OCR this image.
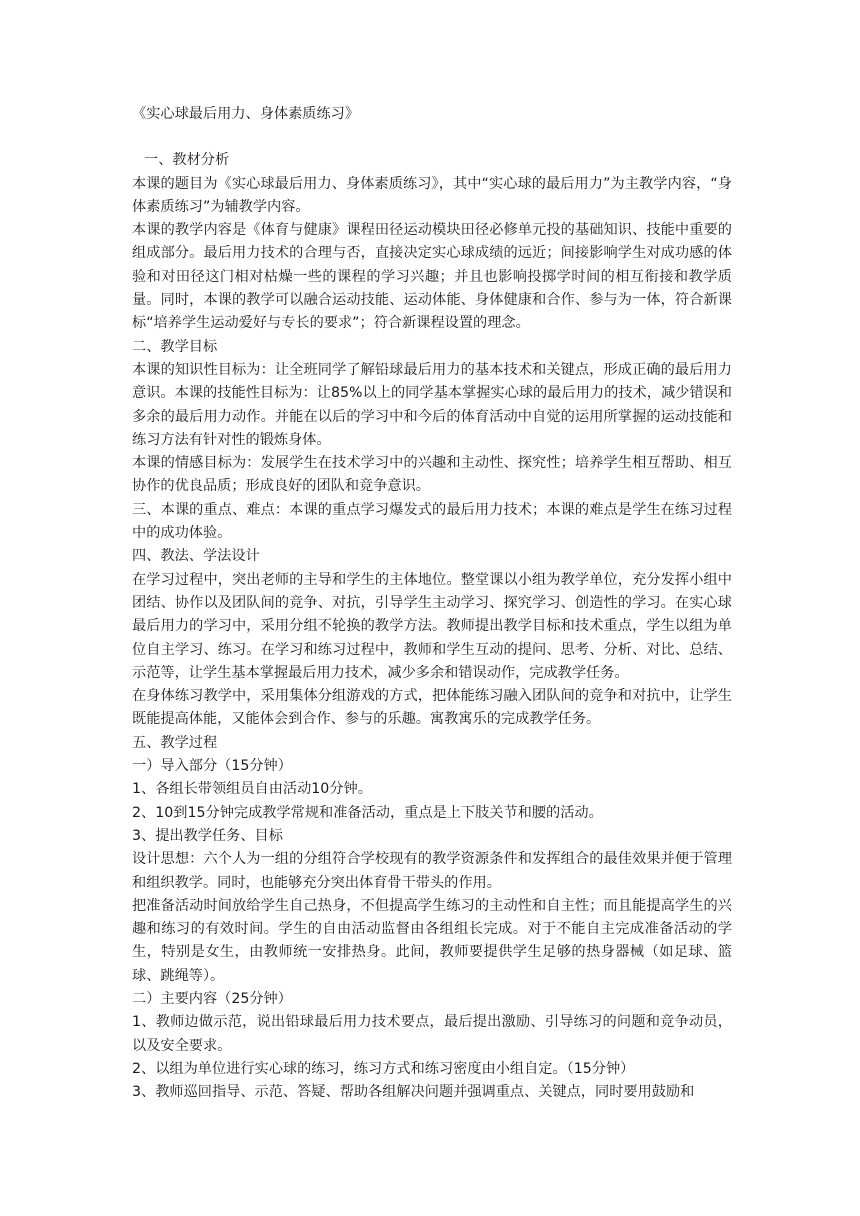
《实心球最后用力、身体素质练习》
一、教材分析
本课的题目为《实心球最后用力、身体素质练习》，其中“实心球的最后用力”为主教学内容，“身体素质练习”为辅教学内容。
本课的教学内容是《体育与健康》课程田径运动模块田径必修单元投的基础知识、技能中重要的组成部分。最后用力技术的合理与否，直接决定实心球成绩的远近；间接影响学生对成功感的体验和对田径这门相对枯燥一些的课程的学习兴趣；并且也影响投掷学时间的相互衔接和教学质量。同时，本课的教学可以融合运动技能、运动体能、身体健康和合作、参与为一体，符合新课标“培养学生运动爱好与专长的要求”；符合新课程设置的理念。
二、教学目标
本课的知识性目标为：让全班同学了解铅球最后用力的基本技术和关键点，形成正确的最后用力意识。本课的技能性目标为：让85%以上的同学基本掌握实心球的最后用力的技术，减少错误和多余的最后用力动作。并能在以后的学习中和今后的体育活动中自觉的运用所掌握的运动技能和练习方法有针对性的锻炼身体。
本课的情感目标为：发展学生在技术学习中的兴趣和主动性、探究性；培养学生相互帮助、相互协作的优良品质；形成良好的团队和竞争意识。
三、本课的重点、难点：本课的重点学习爆发式的最后用力技术；本课的难点是学生在练习过程中的成功体验。
四、教法、学法设计
在学习过程中，突出老师的主导和学生的主体地位。整堂课以小组为教学单位，充分发挥小组中团结、协作以及团队间的竞争、对抗，引导学生主动学习、探究学习、创造性的学习。在实心球最后用力的学习中，采用分组不轮换的教学方法。教师提出教学目标和技术重点，学生以组为单位自主学习、练习。在学习和练习过程中，教师和学生互动的提问、思考、分析、对比、总结、示范等，让学生基本掌握最后用力技术，减少多余和错误动作，完成教学任务。
在身体练习教学中，采用集体分组游戏的方式，把体能练习融入团队间的竞争和对抗中，让学生既能提高体能，又能体会到合作、参与的乐趣。寓教寓乐的完成教学任务。
五、教学过程
一）导入部分（15分钟）
1、各组长带领组员自由活动10分钟。
2、10到15分钟完成教学常规和准备活动，重点是上下肢关节和腰的活动。
3、提出教学任务、目标
设计思想：六个人为一组的分组符合学校现有的教学资源条件和发挥组合的最佳效果并便于管理和组织教学。同时，也能够充分突出体育骨干带头的作用。
把准备活动时间放给学生自己热身，不但提高学生练习的主动性和自主性；而且能提高学生的兴趣和练习的有效时间。学生的自由活动监督由各组组长完成。对于不能自主完成准备活动的学生，特别是女生，由教师统一安排热身。此间，教师要提供学生足够的热身器械（如足球、篮球、跳绳等）。
二）主要内容（25分钟）
1、教师边做示范，说出铅球最后用力技术要点，最后提出激励、引导练习的问题和竞争动员，以及安全要求。
2、以组为单位进行实心球的练习，练习方式和练习密度由小组自定。（15分钟）
3、教师巡回指导、示范、答疑、帮助各组解决问题并强调重点、关键点，同时要用鼓励和
